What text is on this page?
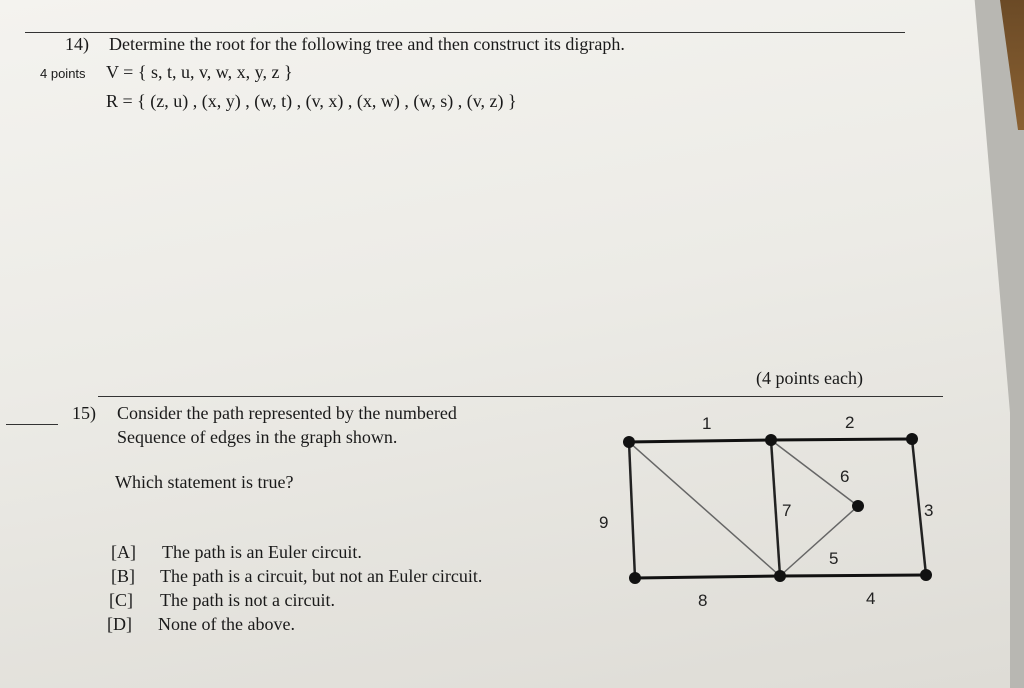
14) Determine the root for the following tree and then construct its digraph.
4 points V = { s, t, u, v, w, x, y, z }
R = { (z, u) , (x, y) , (w, t) , (v, x) , (x, w) , (w, s) , (v, z) }
(4 points each)
15) Consider the path represented by the numbered
Sequence of edges in the graph shown.
Which statement is true?
[A] The path is an Euler circuit.
[B] The path is a circuit, but not an Euler circuit.
[C] The path is not a circuit.
[D] None of the above.
1	2
3
4
5
6
7
8
9
